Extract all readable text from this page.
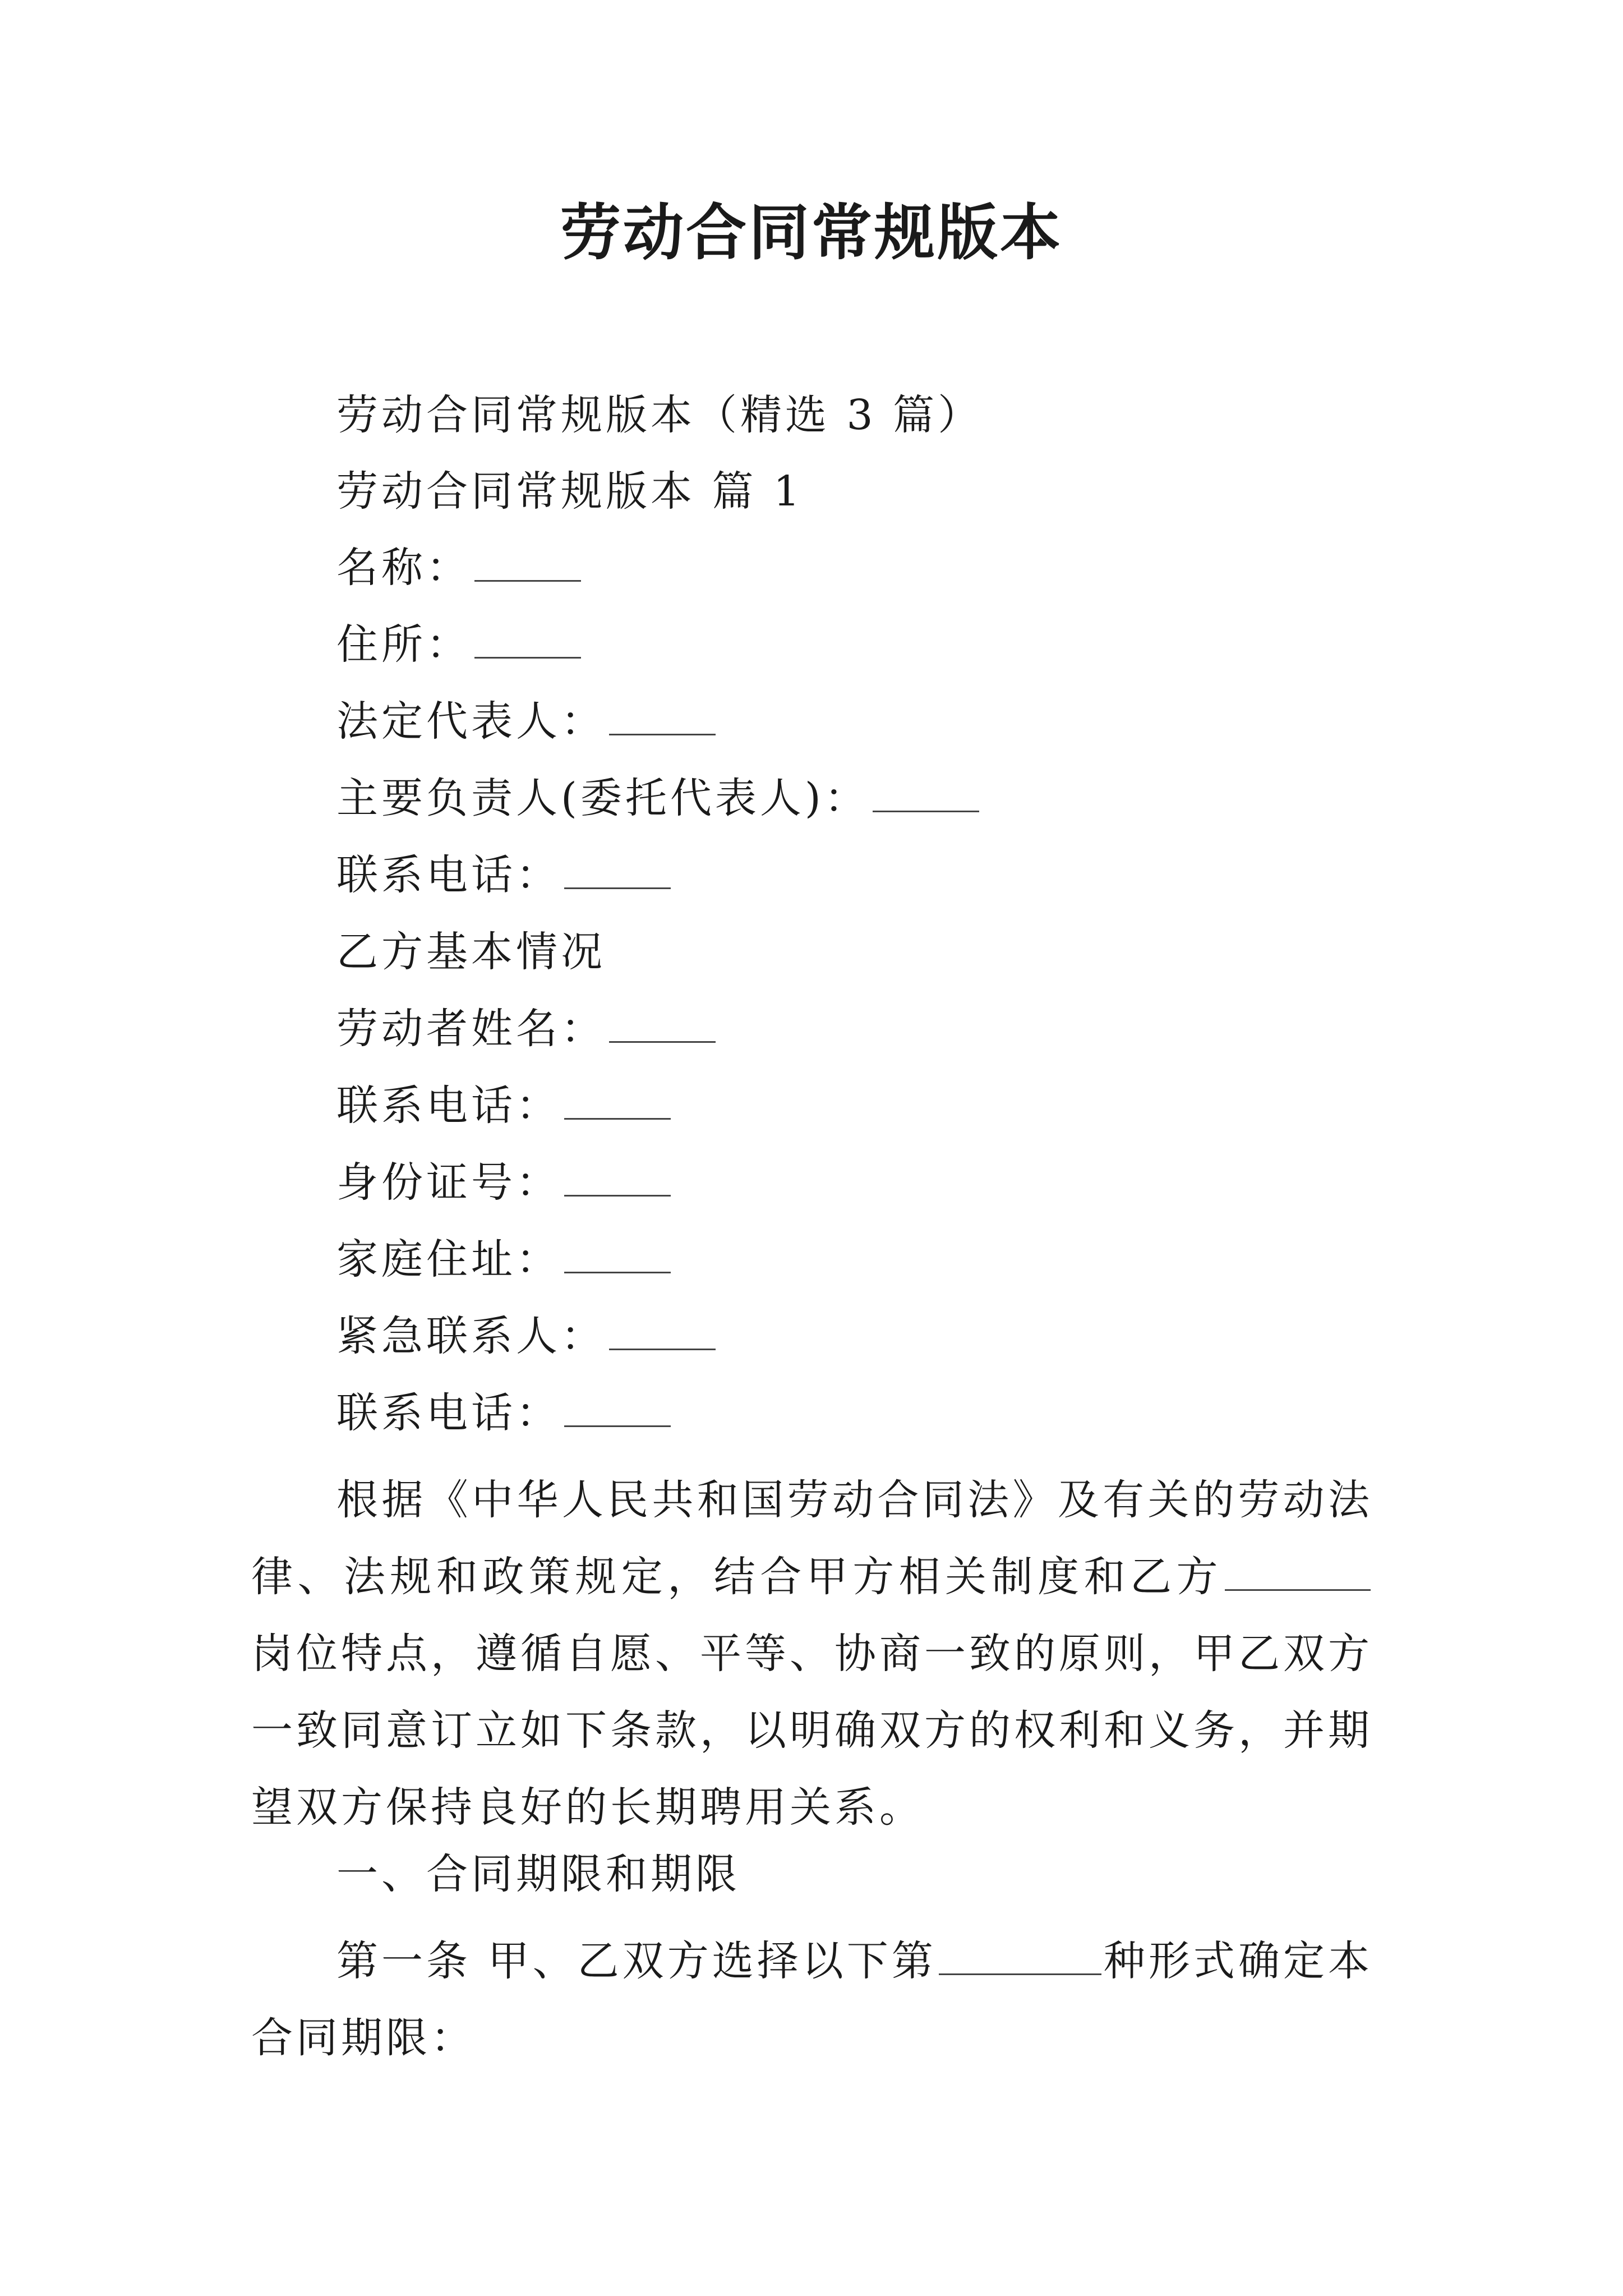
劳动合同常规版本
劳动合同常规版本（精选 3 篇）
劳动合同常规版本 篇 1
名称：
住所：
法定代表人：
主要负责人(委托代表人)：
联系电话：
乙方基本情况
劳动者姓名：
联系电话：
身份证号：
家庭住址：
紧急联系人：
联系电话：
根据《中华人民共和国劳动合同法》及有关的劳动法律、法规和政策规定，结合甲方相关制度和乙方岗位特点，遵循自愿、平等、协商一致的原则，甲乙双方一致同意订立如下条款，以明确双方的权利和义务，并期望双方保持良好的长期聘用关系。
一、合同期限和期限
第一条 甲、乙双方选择以下第	种形式确定本合同期限：
